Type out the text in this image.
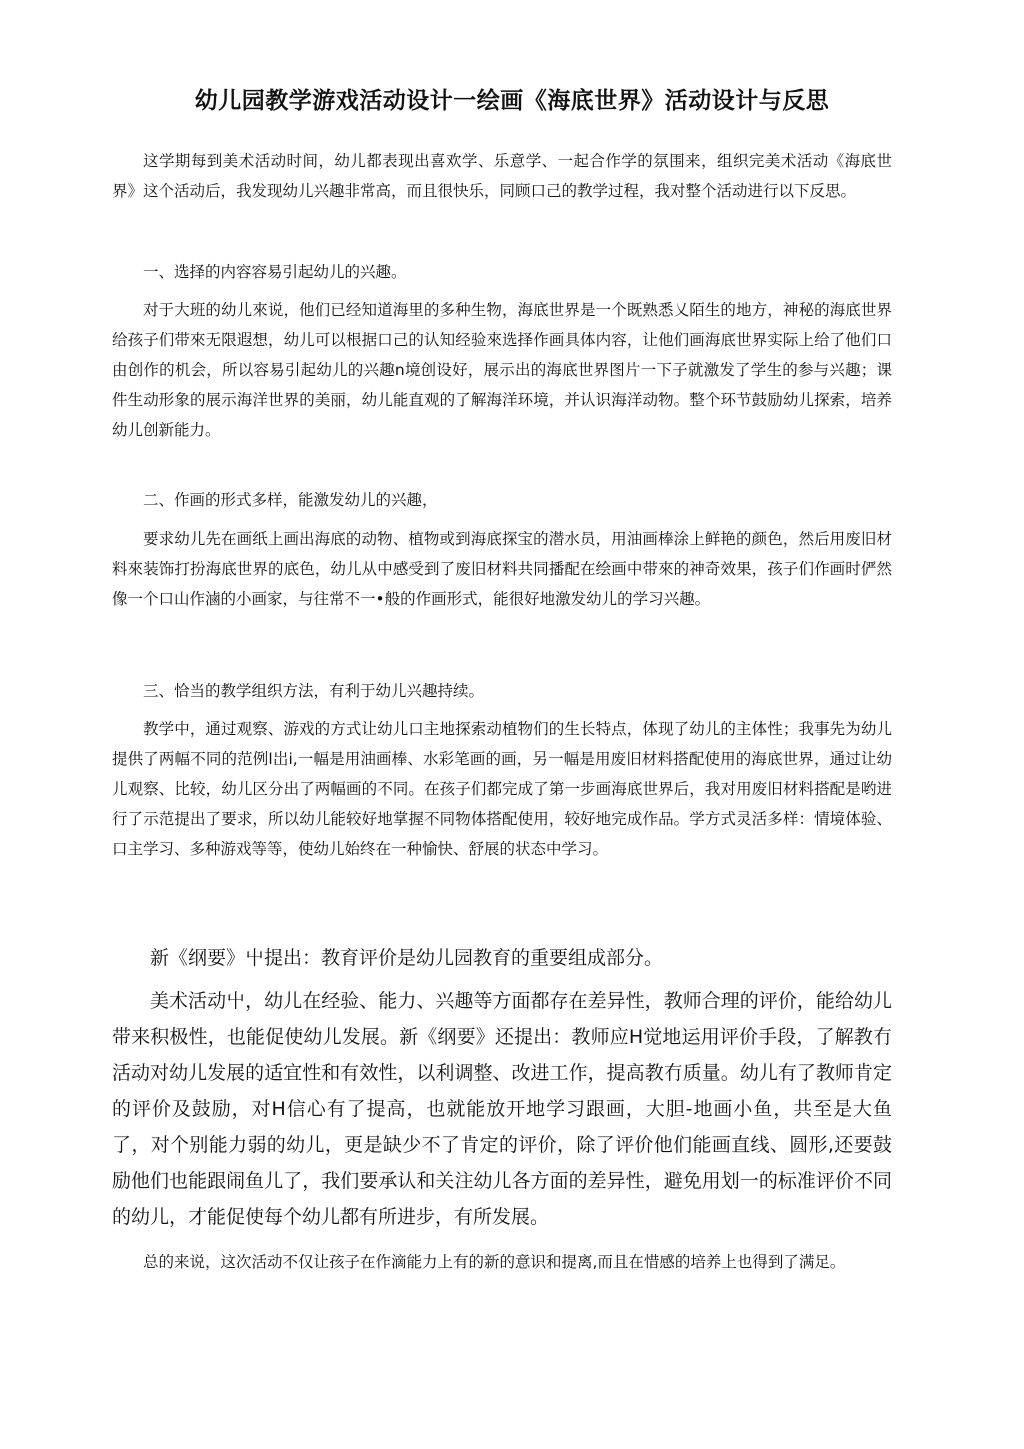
幼儿园教学游戏活动设计一绘画《海底世界》活动设计与反思

这学期每到美术活动时间，幼儿都表现出喜欢学、乐意学、一起合作学的氛围来，组织完美术活动《海底世界》这个活动后，我发现幼儿兴趣非常高，而且很快乐，同顾口己的教学过程，我对整个活动进行以下反思。

一、选择的内容容易引起幼儿的兴趣。

对于大班的幼儿來说，他们已经知道海里的多种生物，海底世界是一个既熟悉乂陌生的地方，神秘的海底世界给孩子们带來无限遐想，幼儿可以根据口己的认知经验來选择作画具体内容，让他们画海底世界实际上给了他们口由创作的机会，所以容易引起幼儿的兴趣n境创设好，展示出的海底世界图片一下子就激发了学生的参与兴趣；课件生动形象的展示海洋世界的美丽，幼儿能直观的了解海洋环境，并认识海洋动物。整个环节鼓励幼儿探索，培养幼儿创新能力。

二、作画的形式多样，能激发幼儿的兴趣，

要求幼儿先在画纸上画出海底的动物、植物或到海底探宝的潜水员，用油画棒涂上鲜艳的颜色，然后用废旧材料來装饰打扮海底世界的底色，幼儿从中感受到了废旧材料共同播配在绘画中带來的神奇效果，孩子们作画时俨然像一个口山作滷的小画家，与往常不一•般的作画形式，能很好地激发幼儿的学习兴趣。

三、恰当的教学组织方法，有利于幼儿兴趣持续。

教学中，通过观察、游戏的方式让幼儿口主地探索动植物们的生长特点，体现了幼儿的主体性；我事先为幼儿提供了两幅不同的范例l岀i,一幅是用油画棒、水彩笔画的画，另一幅是用废旧材料搭配使用的海底世界，通过让幼儿观察、比较，幼儿区分出了两幅画的不同。在孩子们都完成了第一步画海底世界后，我对用废旧材料搭配是哟进行了示范提出了要求，所以幼儿能较好地掌握不同物体搭配使用，较好地完成作品。学方式灵活多样：情境体验、口主学习、多种游戏等等，使幼儿始终在一种愉快、舒展的状态中学习。

新《纲要》屮提出：教育评价是幼儿园教育的重要组成部分。

美术活动屮，幼儿在经验、能力、兴趣等方面都存在差异性，教师合理的评价，能给幼儿带来积极性，也能促使幼儿发展。新《纲要》还提出：教师应H觉地运用评价手段，了解教冇活动对幼儿发展的适宜性和有效性，以利调整、改进工作，提高教冇质量。幼儿有了教师肯定的评价及鼓励，对H信心有了提高，也就能放开地学习跟画，大胆-地画小鱼，共至是大鱼了，对个别能力弱的幼儿，更是缺少不了肯定的评价，除了评价他们能画直线、圆形,还要鼓励他们也能跟闹鱼儿了，我们要承认和关注幼儿各方面的差异性，避免用划一的标准评价不同的幼儿，才能促使每个幼儿都有所进步，有所发展。

总的来说，这次活动不仅让孩子在作滴能力上有的新的意识和提离,而且在惜感的培养上也得到了满足。
